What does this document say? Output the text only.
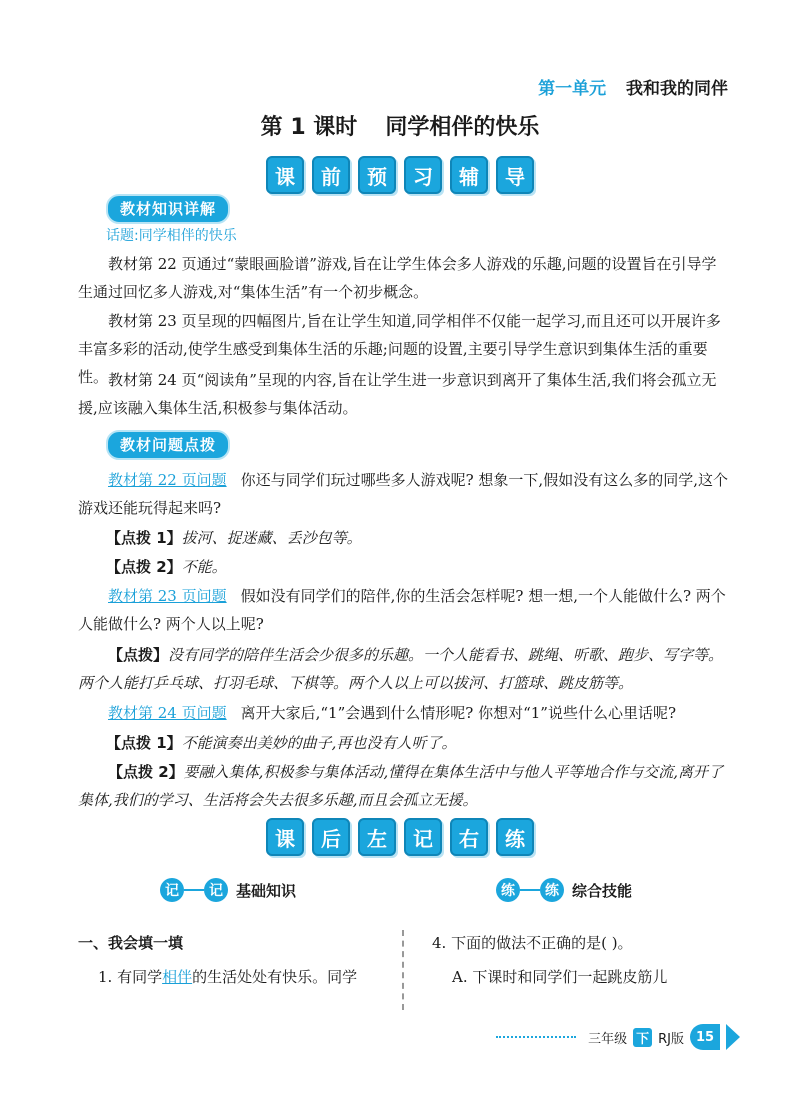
第一单元 我和我的同伴
第 1 课时 同学相伴的快乐
课	前	预	习	辅	导
教材知识详解
话题:同学相伴的快乐

教材第 22 页通过“蒙眼画脸谱”游戏,旨在让学生体会多人游戏的乐趣,问题的设置旨在引导学生通过回忆多人游戏,对“集体生活”有一个初步概念。

教材第 23 页呈现的四幅图片,旨在让学生知道,同学相伴不仅能一起学习,而且还可以开展许多丰富多彩的活动,使学生感受到集体生活的乐趣;问题的设置,主要引导学生意识到集体生活的重要性。 教材第 24 页“阅读角”呈现的内容,旨在让学生进一步意识到离开了集体生活,我们将会孤立无援,应该融入集体生活,积极参与集体活动。

教材问题点拨

教材第 22 页问题 你还与同学们玩过哪些多人游戏呢? 想象一下,假如没有这么多的同学,这个游戏还能玩得起来吗?

【点拨 1】拔河、捉迷藏、丢沙包等。

【点拨 2】不能。

教材第 23 页问题 假如没有同学们的陪伴,你的生活会怎样呢? 想一想,一个人能做什么? 两个人能做什么? 两个人以上呢?

【点拨】没有同学的陪伴生活会少很多的乐趣。一个人能看书、跳绳、听歌、跑步、写字等。两个人能打乒乓球、打羽毛球、下棋等。两个人以上可以拔河、打篮球、跳皮筋等。

教材第 24 页问题 离开大家后,“1”会遇到什么情形呢? 你想对“1”说些什么心里话呢?

【点拨 1】不能演奏出美妙的曲子,再也没有人听了。

【点拨 2】要融入集体,积极参与集体活动,懂得在集体生活中与他人平等地合作与交流,离开了集体,我们的学习、生活将会失去很多乐趣,而且会孤立无援。

课	后	左	记	右	练
记	记 基础知识	练	练 综合技能

一、我会填一填

1. 有同学相伴的生活处处有快乐。同学

4. 下面的做法不正确的是( )。

A. 下课时和同学们一起跳皮筋儿

三年级 下 RJ版 15
